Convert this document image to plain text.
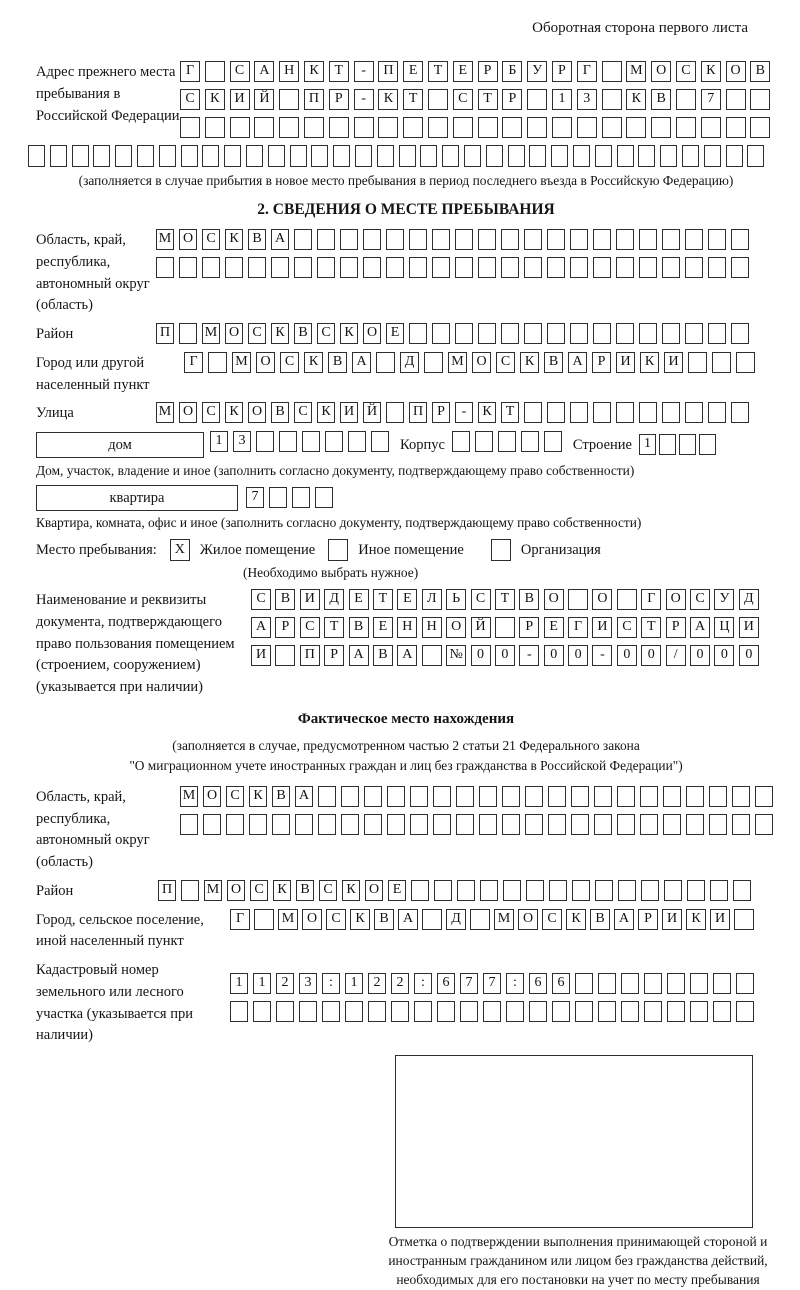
Оборотная сторона первого листа
Адрес прежнего места пребывания в Российской Федерации
Г	С А Н К Т - П Е Т Е Р Б У Р Г	М О С К О В
С К И Й	П Р - К Т	С Т Р	1 3	К В	7
(заполняется в случае прибытия в новое место пребывания в период последнего въезда в Российскую Федерацию)
2. СВЕДЕНИЯ О МЕСТЕ ПРЕБЫВАНИЯ
Область, край, республика, автономный округ (область)
М О С К В А
Район	П М О С К В С К О Е
Город или другой населенный пункт
Г	М О С К В А	Д	М О С К В А Р И К И
Улица	М О С К О В С К И Й	П Р - К Т
дом	1 3	Корпус	Строение 1
Дом, участок, владение и иное (заполнить согласно документу, подтверждающему право собственности)
квартира	7
Квартира, комната, офис и иное (заполнить согласно документу, подтверждающему право собственности)
Место пребывания:	X	Жилое помещение	Иное помещение	Организация
(Необходимо выбрать нужное)
Наименование и реквизиты документа, подтверждающего право пользования помещением (строением, сооружением) (указывается при наличии)
С В И Д Е Т Е Л Ь С Т В О	О	Г О С У Д
А Р С Т В Е Н Н О Й	Р Е Г И С Т Р А Ц И
И	П Р А В А	№ 0 0 - 0 0 - 0 0 / 0 0 0
Фактическое место нахождения
(заполняется в случае, предусмотренном частью 2 статьи 21 Федерального закона
"О миграционном учете иностранных граждан и лиц без гражданства в Российской Федерации")
Область, край, республика, автономный округ (область)
М О С К В А
Район	П М О С К В С К О Е
Город, сельское поселение, иной населенный пункт
Г	М О С К В А	Д	М О С К В А Р И К И
Кадастровый номер земельного или лесного участка (указывается при наличии)
1 1 2 3 : 1 2 2 : 6 7 7 : 6 6
Отметка о подтверждении выполнения принимающей стороной и иностранным гражданином или лицом без гражданства действий, необходимых для его постановки на учет по месту пребывания
